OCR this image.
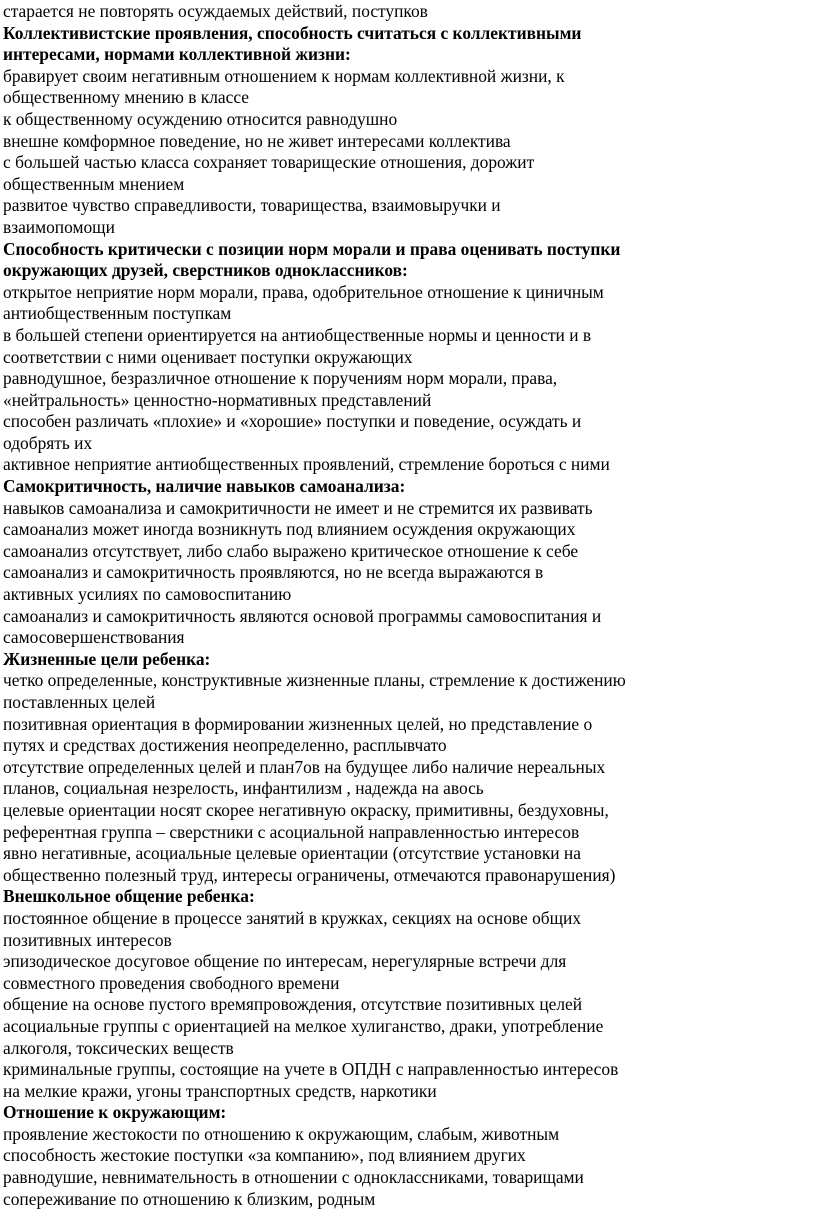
старается не повторять осуждаемых действий, поступков
Коллективистские проявления, способность считаться с коллективными
интересами, нормами коллективной жизни:
бравирует своим негативным отношением к нормам коллективной жизни, к
общественному мнению в классе
к общественному осуждению относится равнодушно
внешне комформное поведение, но не живет интересами коллектива
с большей частью класса сохраняет товарищеские отношения, дорожит
общественным мнением
развитое чувство справедливости, товарищества, взаимовыручки и
взаимопомощи
Способность критически с позиции норм морали и права оценивать поступки
окружающих друзей, сверстников одноклассников:
открытое неприятие норм морали, права, одобрительное отношение к циничным
антиобщественным поступкам
в большей степени ориентируется на антиобщественные нормы и ценности и в
соответствии с ними оценивает поступки окружающих
равнодушное, безразличное отношение к поручениям норм морали, права,
«нейтральность» ценностно-нормативных представлений
способен различать «плохие» и «хорошие» поступки и поведение, осуждать и
одобрять их
активное неприятие антиобщественных проявлений, стремление бороться с ними
Самокритичность, наличие навыков самоанализа:
навыков самоанализа и самокритичности не имеет и не стремится их развивать
самоанализ может иногда возникнуть под влиянием осуждения окружающих
самоанализ отсутствует, либо слабо выражено критическое отношение к себе
самоанализ и самокритичность проявляются, но не всегда выражаются в
активных усилиях по самовоспитанию
самоанализ и самокритичность являются основой программы самовоспитания и
самосовершенствования
Жизненные цели ребенка:
четко определенные, конструктивные жизненные планы, стремление к достижению
поставленных целей
позитивная ориентация в формировании жизненных целей, но представление о
путях и средствах достижения неопределенно, расплывчато
отсутствие определенных целей и план7ов на будущее либо наличие нереальных
планов, социальная незрелость, инфантилизм , надежда на авось
целевые ориентации носят скорее негативную окраску, примитивны, бездуховны,
референтная группа – сверстники с асоциальной направленностью интересов
явно негативные, асоциальные целевые ориентации (отсутствие установки на
общественно полезный труд, интересы ограничены, отмечаются правонарушения)
Внешкольное общение ребенка:
постоянное общение в процессе занятий в кружках, секциях на основе общих
позитивных интересов
эпизодическое досуговое общение по интересам, нерегулярные встречи для
совместного проведения свободного времени
общение на основе пустого времяпровождения, отсутствие позитивных целей
асоциальные группы с ориентацией на мелкое хулиганство, драки, употребление
алкоголя, токсических веществ
криминальные группы, состоящие на учете в ОПДН с направленностью интересов
на мелкие кражи, угоны транспортных средств, наркотики
Отношение к окружающим:
проявление жестокости по отношению к окружающим, слабым, животным
способность жестокие поступки «за компанию», под влиянием других
равнодушие, невнимательность в отношении с одноклассниками, товарищами
сопереживание по отношению к близким, родным
